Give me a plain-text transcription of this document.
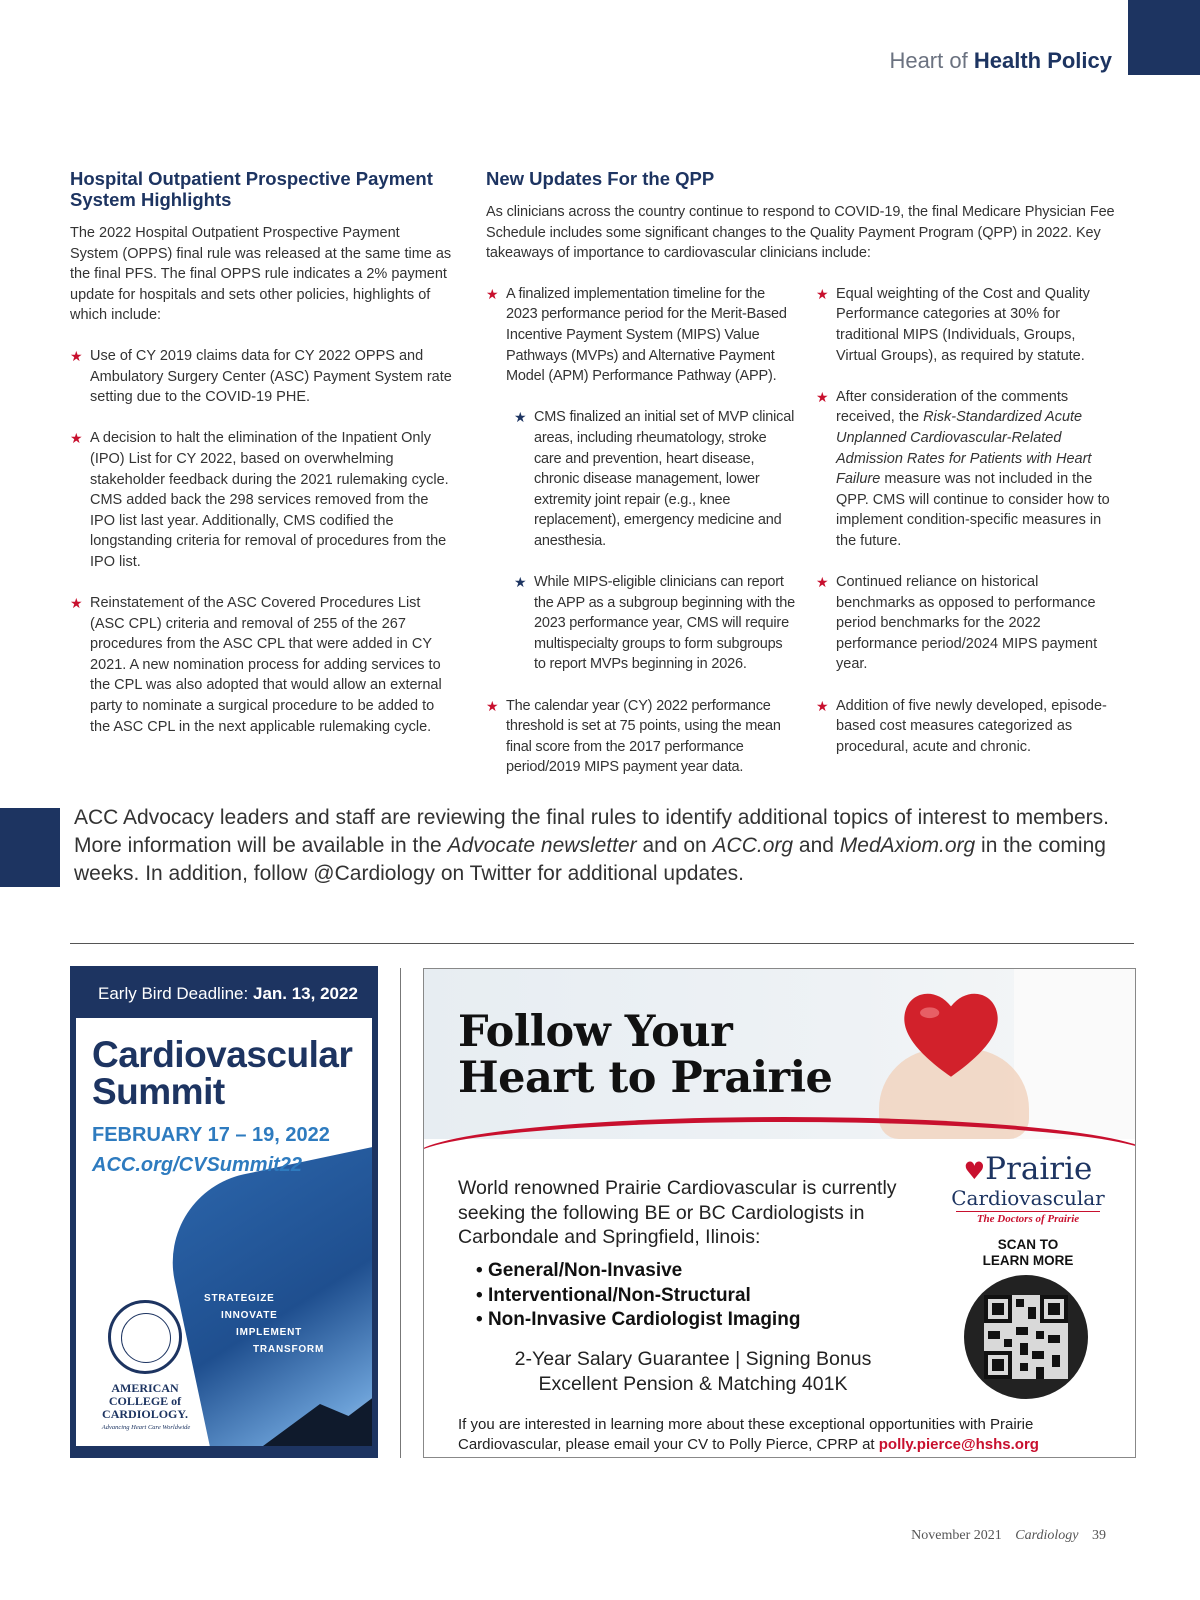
Heart of Health Policy
Hospital Outpatient Prospective Payment System Highlights

The 2022 Hospital Outpatient Prospective Payment System (OPPS) final rule was released at the same time as the final PFS. The final OPPS rule indicates a 2% payment update for hospitals and sets other policies, highlights of which include:

★ Use of CY 2019 claims data for CY 2022 OPPS and Ambulatory Surgery Center (ASC) Payment System rate setting due to the COVID-19 PHE.
★ A decision to halt the elimination of the Inpatient Only (IPO) List for CY 2022, based on overwhelming stakeholder feedback during the 2021 rulemaking cycle. CMS added back the 298 services removed from the IPO list last year. Additionally, CMS codified the longstanding criteria for removal of procedures from the IPO list.
★ Reinstatement of the ASC Covered Procedures List (ASC CPL) criteria and removal of 255 of the 267 procedures from the ASC CPL that were added in CY 2021. A new nomination process for adding services to the CPL was also adopted that would allow an external party to nominate a surgical procedure to be added to the ASC CPL in the next applicable rulemaking cycle.
New Updates For the QPP

As clinicians across the country continue to respond to COVID-19, the final Medicare Physician Fee Schedule includes some significant changes to the Quality Payment Program (QPP) in 2022. Key takeaways of importance to cardiovascular clinicians include:

★ A finalized implementation timeline for the 2023 performance period for the Merit-Based Incentive Payment System (MIPS) Value Pathways (MVPs) and Alternative Payment Model (APM) Performance Pathway (APP).
★ CMS finalized an initial set of MVP clinical areas, including rheumatology, stroke care and prevention, heart disease, chronic disease management, lower extremity joint repair (e.g., knee replacement), emergency medicine and anesthesia.
★ While MIPS-eligible clinicians can report the APP as a subgroup beginning with the 2023 performance year, CMS will require multispecialty groups to form subgroups to report MVPs beginning in 2026.
★ The calendar year (CY) 2022 performance threshold is set at 75 points, using the mean final score from the 2017 performance period/2019 MIPS payment year data.
★ Equal weighting of the Cost and Quality Performance categories at 30% for traditional MIPS (Individuals, Groups, Virtual Groups), as required by statute.
★ After consideration of the comments received, the Risk-Standardized Acute Unplanned Cardiovascular-Related Admission Rates for Patients with Heart Failure measure was not included in the QPP. CMS will continue to consider how to implement condition-specific measures in the future.
★ Continued reliance on historical benchmarks as opposed to performance period benchmarks for the 2022 performance period/2024 MIPS payment year.
★ Addition of five newly developed, episode-based cost measures categorized as procedural, acute and chronic.

ACC Advocacy leaders and staff are reviewing the final rules to identify additional topics of interest to members. More information will be available in the Advocate newsletter and on ACC.org and MedAxiom.org in the coming weeks. In addition, follow @Cardiology on Twitter for additional updates.

Early Bird Deadline: Jan. 13, 2022
Cardiovascular
Summit
FEBRUARY 17 – 19, 2022
ACC.org/CVSummit22
STRATEGIZE
INNOVATE
IMPLEMENT
TRANSFORM
AMERICAN
COLLEGE of
CARDIOLOGY.
Advancing Heart Care Worldwide
Follow Your
Heart to Prairie

World renowned Prairie Cardiovascular is currently seeking the following BE or BC Cardiologists in Carbondale and Springfield, Ilinois:

• General/Non-Invasive
• Interventional/Non-Structural
• Non-Invasive Cardiologist Imaging
2-Year Salary Guarantee | Signing Bonus
Excellent Pension & Matching 401K

If you are interested in learning more about these exceptional opportunities with Prairie Cardiovascular, please email your CV to Polly Pierce, CPRP at polly.pierce@hshs.org

♥Prairie
Cardiovascular
The Doctors of Prairie
SCAN TO
LEARN MORE
November 2021 Cardiology 39
